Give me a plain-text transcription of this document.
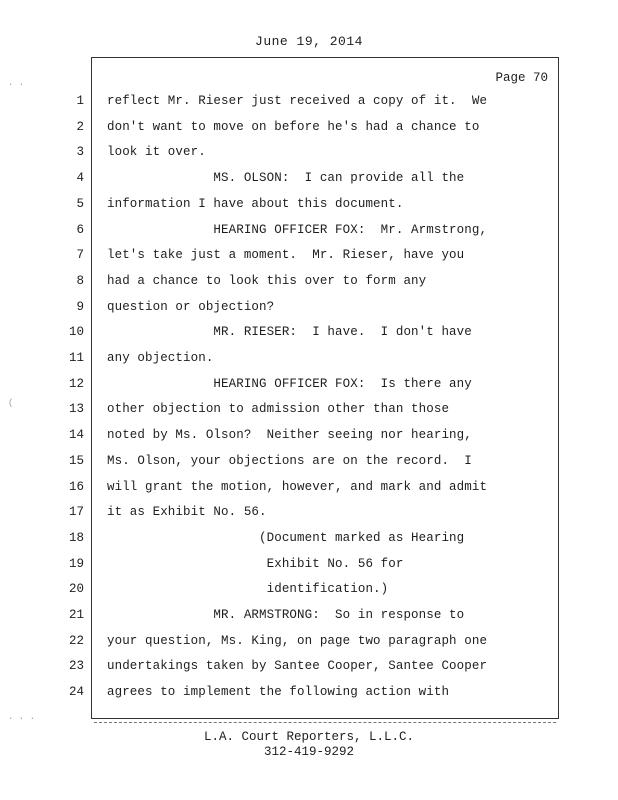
June 19, 2014
Page 70
1 reflect Mr. Rieser just received a copy of it.  We
2 don't want to move on before he's had a chance to
3 look it over.
4 MS. OLSON:  I can provide all the
5 information I have about this document.
6 HEARING OFFICER FOX:  Mr. Armstrong,
7 let's take just a moment.  Mr. Rieser, have you
8 had a chance to look this over to form any
9 question or objection?
10 MR. RIESER:  I have.  I don't have
11 any objection.
12 HEARING OFFICER FOX:  Is there any
13 other objection to admission other than those
14 noted by Ms. Olson?  Neither seeing nor hearing,
15 Ms. Olson, your objections are on the record.  I
16 will grant the motion, however, and mark and admit
17 it as Exhibit No. 56.
18 (Document marked as Hearing
19 Exhibit No. 56 for
20 identification.)
21 MR. ARMSTRONG:  So in response to
22 your question, Ms. King, on page two paragraph one
23 undertakings taken by Santee Cooper, Santee Cooper
24 agrees to implement the following action with
L.A. Court Reporters, L.L.C.
312-419-9292
. .
(
. . .
